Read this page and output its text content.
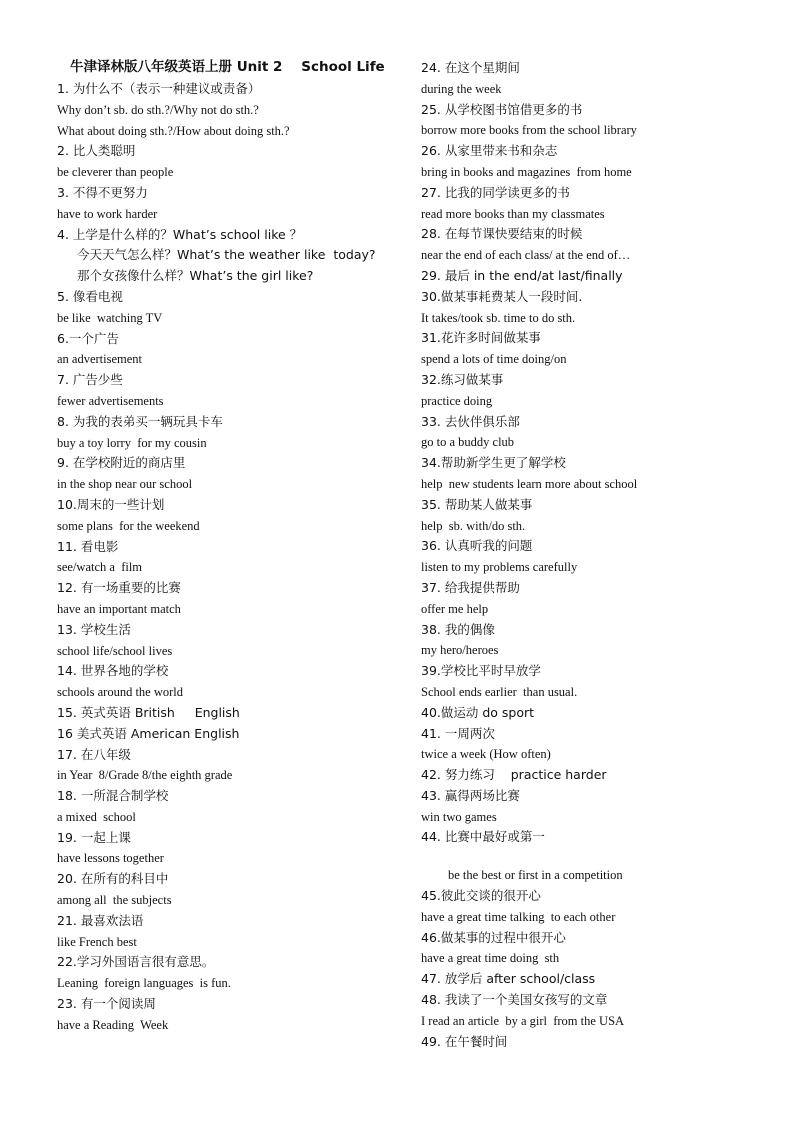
牛津译林版八年级英语上册 Unit 2    School Life
1. 为什么不（表示一种建议或责备）
Why don’t sb. do sth.?/Why not do sth.?
What about doing sth.?/How about doing sth.?
2. 比人类聪明
be cleverer than people
3. 不得不更努力
have to work harder
4. 上学是什么样的？What’s school like ？
今天天气怎么样？What’s the weather like  today?
那个女孩像什么样？What’s the girl like?
5. 像看电视
be like  watching TV
6.一个广告
an advertisement
7. 广告少些
fewer advertisements
8. 为我的表弟买一辆玩具卡车
buy a toy lorry  for my cousin
9. 在学校附近的商店里
in the shop near our school
10.周末的一些计划
some plans  for the weekend
11. 看电影
see/watch a  film
12. 有一场重要的比赛
have an important match
13. 学校生活
school life/school lives
14. 世界各地的学校
schools around the world
15. 英式英语 British     English
16 美式英语 American English
17. 在八年级
in Year  8/Grade 8/the eighth grade
18. 一所混合制学校
a mixed  school
19. 一起上课
have lessons together
20. 在所有的科目中
among all  the subjects
21. 最喜欢法语
like French best
22.学习外国语言很有意思。
Leaning  foreign languages  is fun.
23. 有一个阅读周
have a Reading  Week
24. 在这个星期间
during the week
25. 从学校图书馆借更多的书
borrow more books from the school library
26. 从家里带来书和杂志
bring in books and magazines  from home
27. 比我的同学读更多的书
read more books than my classmates
28. 在每节课快要结束的时候
near the end of each class/ at the end of…
29. 最后 in the end/at last/finally
30.做某事耗费某人一段时间.
It takes/took sb. time to do sth.
31.花许多时间做某事
spend a lots of time doing/on
32.练习做某事
practice doing
33. 去伙伴俱乐部
go to a buddy club
34.帮助新学生更了解学校
help  new students learn more about school
35. 帮助某人做某事
help  sb. with/do sth.
36. 认真听我的问题
listen to my problems carefully
37. 给我提供帮助
offer me help
38. 我的偶像
my hero/heroes
39.学校比平时早放学
School ends earlier  than usual.
40.做运动 do sport
41. 一周两次
twice a week (How often)
42. 努力练习    practice harder
43. 赢得两场比赛
win two games
44. 比赛中最好或第一
be the best or first in a competition
45.彼此交谈的很开心
have a great time talking  to each other
46.做某事的过程中很开心
have a great time doing  sth
47. 放学后 after school/class
48. 我读了一个美国女孩写的文章
I read an article  by a girl  from the USA
49. 在午餐时间
